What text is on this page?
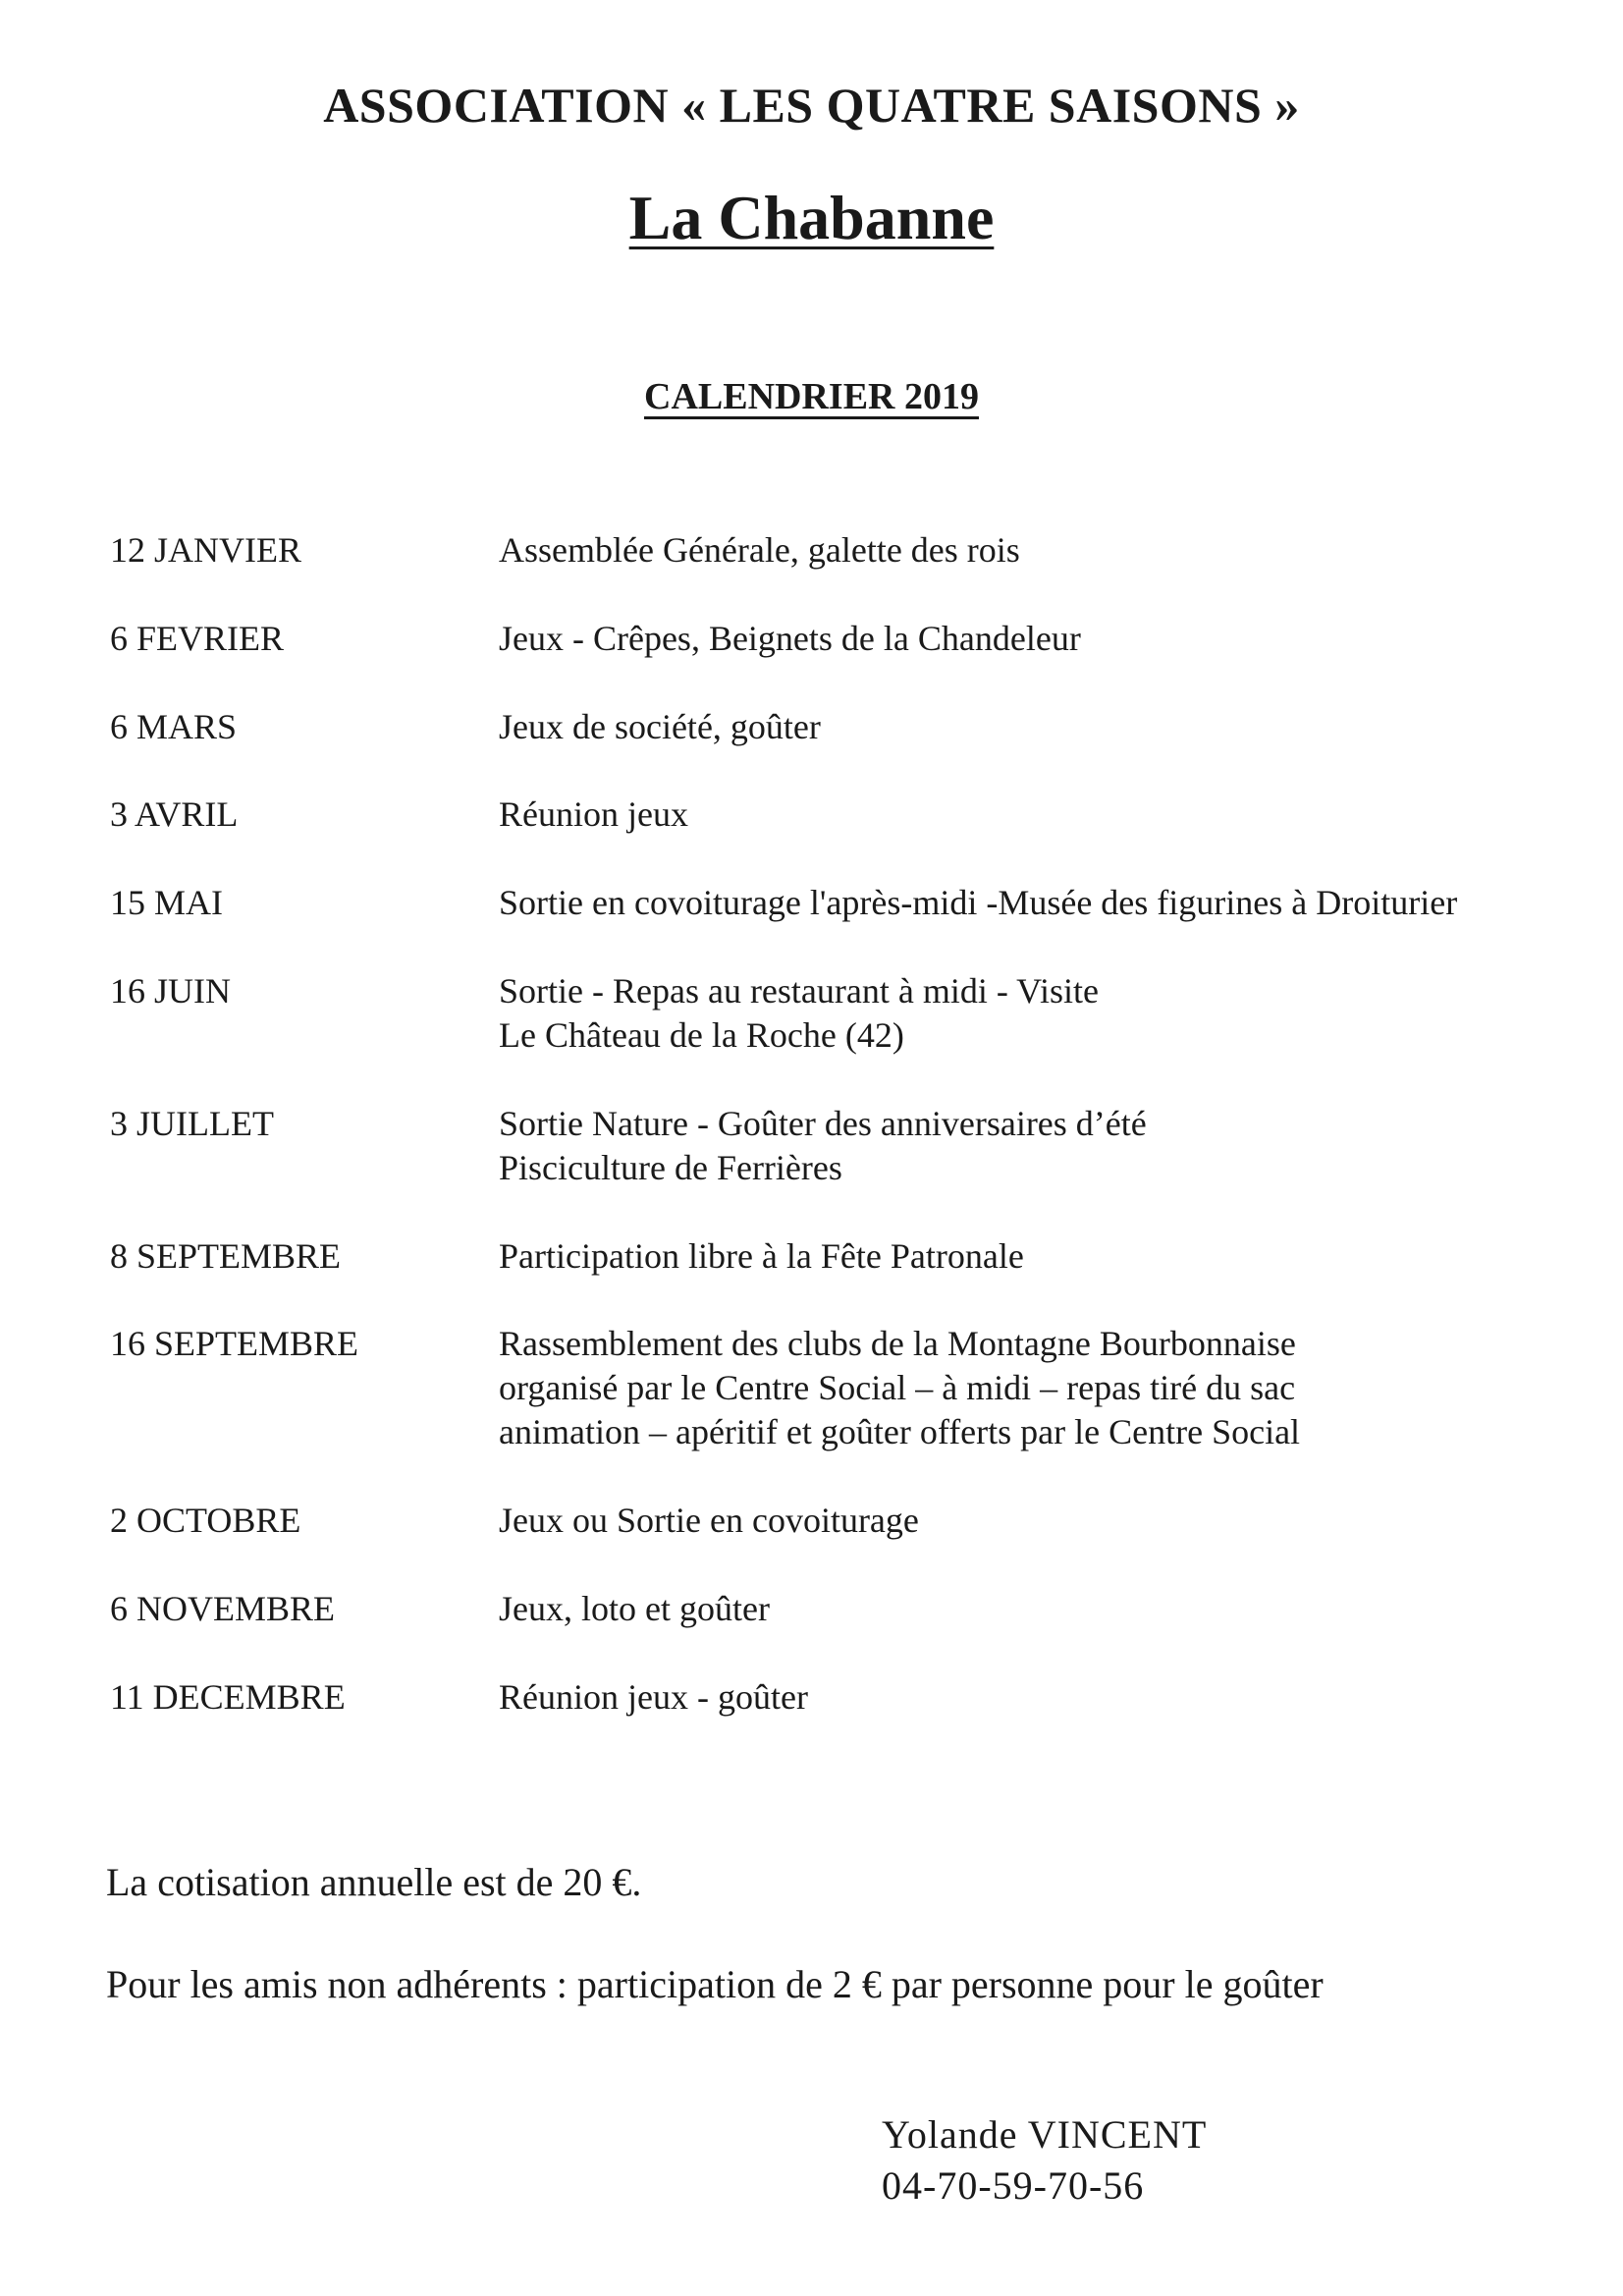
ASSOCIATION « LES QUATRE SAISONS »
La Chabanne
CALENDRIER 2019
12 JANVIER	Assemblée Générale, galette des rois
6 FEVRIER	Jeux - Crêpes, Beignets de la Chandeleur
6 MARS	Jeux de société, goûter
3 AVRIL	Réunion jeux
15 MAI	Sortie en covoiturage l'après-midi -Musée des figurines à Droiturier
16 JUIN	Sortie - Repas au restaurant à midi - Visite
Le Château de la Roche (42)
3 JUILLET	Sortie Nature - Goûter des anniversaires d’été
Pisciculture de Ferrières
8 SEPTEMBRE	Participation libre à la Fête Patronale
16 SEPTEMBRE	Rassemblement des clubs de la Montagne Bourbonnaise
organisé par le Centre Social – à midi – repas tiré du sac
animation – apéritif et goûter offerts par le Centre Social
2 OCTOBRE	Jeux ou Sortie en covoiturage
6 NOVEMBRE	Jeux, loto et goûter
11 DECEMBRE	Réunion jeux - goûter
La cotisation annuelle est de 20 €.
Pour les amis non adhérents : participation de 2 € par personne pour le goûter
Yolande VINCENT
04-70-59-70-56
